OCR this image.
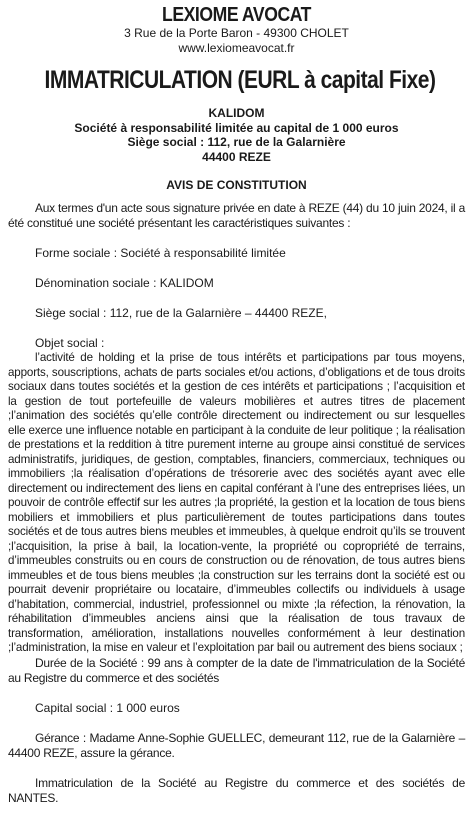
LEXIOME AVOCAT
3 Rue de la Porte Baron - 49300 CHOLET
www.lexiomeavocat.fr
IMMATRICULATION (EURL à capital Fixe)
KALIDOM
Société à responsabilité limitée au capital de 1 000 euros
Siège social : 112, rue de la Galarnière
44400 REZE
AVIS DE CONSTITUTION

Aux termes d'un acte sous signature privée en date à REZE (44) du 10 juin 2024, il a été constitué une société présentant les caractéristiques suivantes :

Forme sociale : Société à responsabilité limitée

Dénomination sociale : KALIDOM

Siège social : 112, rue de la Galarnière – 44400 REZE,

Objet social :

l’activité de holding et la prise de tous intérêts et participations par tous moyens, apports, souscriptions, achats de parts sociales et/ou actions, d’obligations et de tous droits sociaux dans toutes sociétés et la gestion de ces intérêts et participations ; l’acquisition et la gestion de tout portefeuille de valeurs mobilières et autres titres de placement ;l’animation des sociétés qu’elle contrôle directement ou indirectement ou sur lesquelles elle exerce une influence notable en participant à la conduite de leur politique ; la réalisation de prestations et la reddition à titre purement interne au groupe ainsi constitué de services administratifs, juridiques, de gestion, comptables, financiers, commerciaux, techniques ou immobiliers ;la réalisation d’opérations de trésorerie avec des sociétés ayant avec elle directement ou indirectement des liens en capital conférant à l’une des entreprises liées, un pouvoir de contrôle effectif sur les autres ;la propriété, la gestion et la location de tous biens mobiliers et immobiliers et plus particulièrement de toutes participations dans toutes sociétés et de tous autres biens meubles et immeubles, à quelque endroit qu’ils se trouvent ;l’acquisition, la prise à bail, la location-vente, la propriété ou copropriété de terrains, d’immeubles construits ou en cours de construction ou de rénovation, de tous autres biens immeubles et de tous biens meubles ;la construction sur les terrains dont la société est ou pourrait devenir propriétaire ou locataire, d’immeubles collectifs ou individuels à usage d’habitation, commercial, industriel, professionnel ou mixte ;la réfection, la rénovation, la réhabilitation d’immeubles anciens ainsi que la réalisation de tous travaux de transformation, amélioration, installations nouvelles conformément à leur destination ;l’administration, la mise en valeur et l’exploitation par bail ou autrement des biens sociaux ;

Durée de la Société : 99 ans à compter de la date de l'immatriculation de la Société au Registre du commerce et des sociétés

Capital social : 1 000 euros

Gérance : Madame Anne-Sophie GUELLEC, demeurant 112, rue de la Galarnière – 44400 REZE, assure la gérance.

Immatriculation de la Société au Registre du commerce et des sociétés de NANTES.
